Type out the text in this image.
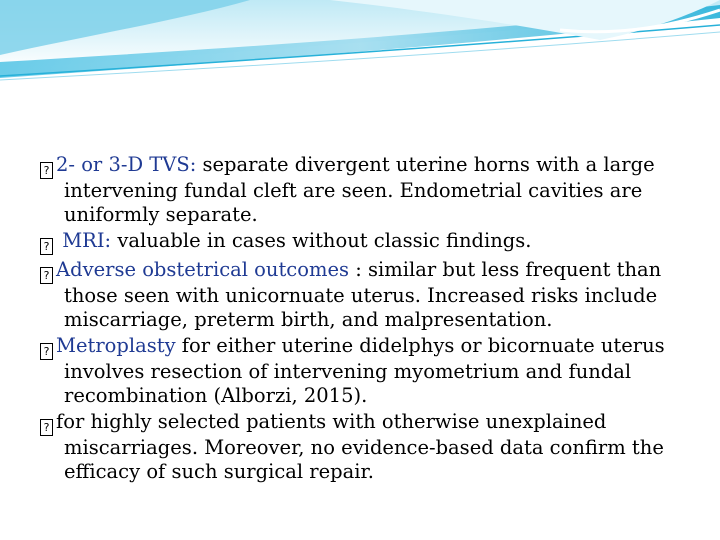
? 2- or 3-D TVS: separate divergent uterine horns with a large intervening fundal cleft are seen. Endometrial cavities are uniformly separate.

? MRI: valuable in cases without classic findings.

? Adverse obstetrical outcomes : similar but less frequent than those seen with unicornuate uterus. Increased risks include miscarriage, preterm birth, and malpresentation.

? Metroplasty for either uterine didelphys or bicornuate uterus involves resection of intervening myometrium and fundal recombination (Alborzi, 2015).

? for highly selected patients with otherwise unexplained miscarriages. Moreover, no evidence-based data confirm the efficacy of such surgical repair.
